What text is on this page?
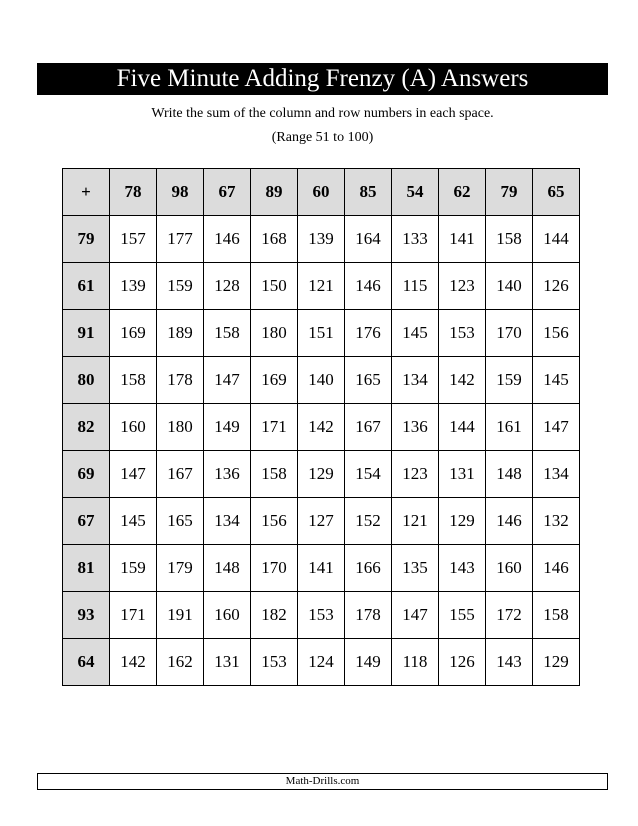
Five Minute Adding Frenzy (A) Answers
Write the sum of the column and row numbers in each space.
(Range 51 to 100)
+	78	98	67	89	60	85	54	62	79	65
79	157	177	146	168	139	164	133	141	158	144
61	139	159	128	150	121	146	115	123	140	126
91	169	189	158	180	151	176	145	153	170	156
80	158	178	147	169	140	165	134	142	159	145
82	160	180	149	171	142	167	136	144	161	147
69	147	167	136	158	129	154	123	131	148	134
67	145	165	134	156	127	152	121	129	146	132
81	159	179	148	170	141	166	135	143	160	146
93	171	191	160	182	153	178	147	155	172	158
64	142	162	131	153	124	149	118	126	143	129
Math-Drills.com
